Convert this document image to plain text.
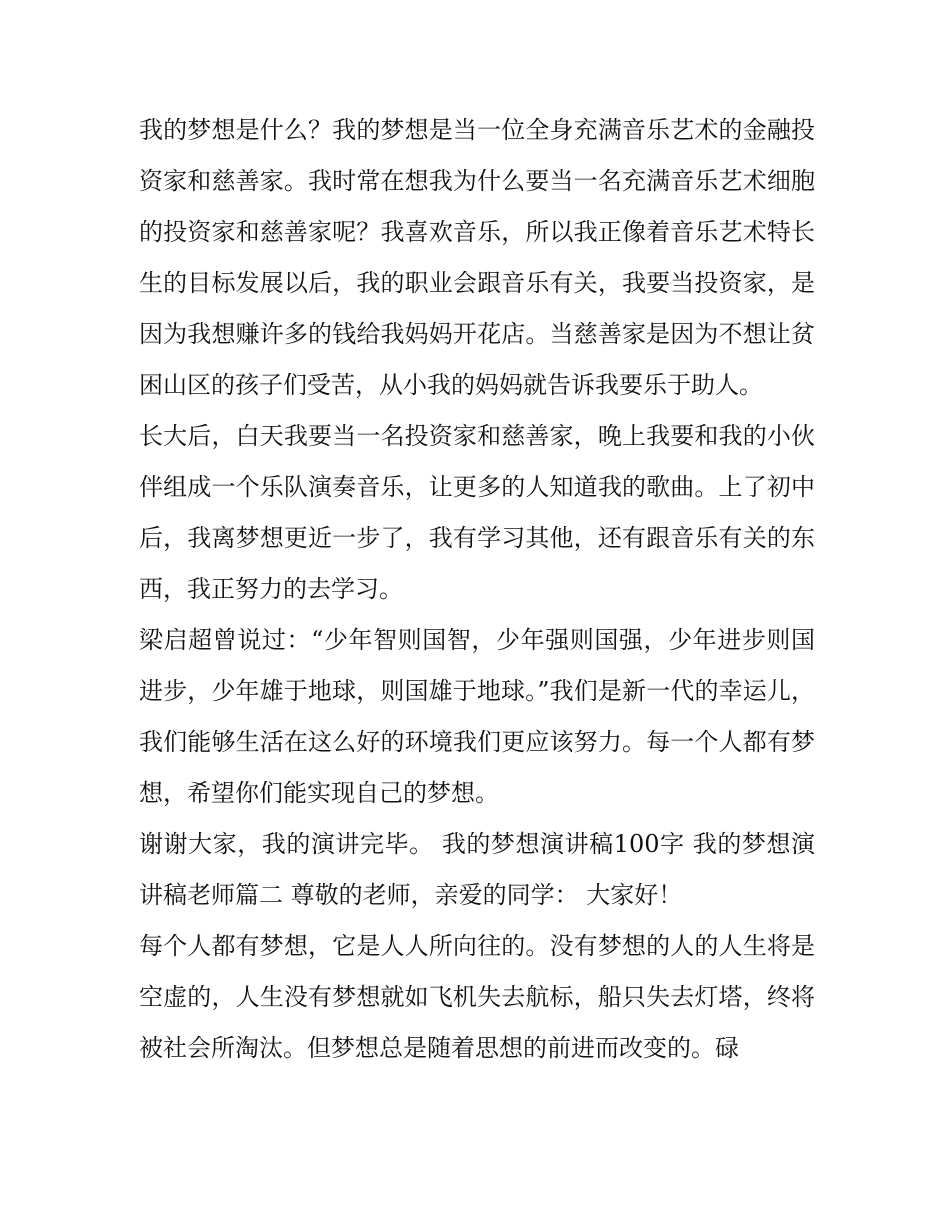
我的梦想是什么？我的梦想是当一位全身充满音乐艺术的金融投资家和慈善家。我时常在想我为什么要当一名充满音乐艺术细胞的投资家和慈善家呢？我喜欢音乐，所以我正像着音乐艺术特长生的目标发展以后，我的职业会跟音乐有关，我要当投资家，是因为我想赚许多的钱给我妈妈开花店。当慈善家是因为不想让贫困山区的孩子们受苦，从小我的妈妈就告诉我要乐于助人。

长大后，白天我要当一名投资家和慈善家，晚上我要和我的小伙伴组成一个乐队演奏音乐，让更多的人知道我的歌曲。上了初中后，我离梦想更近一步了，我有学习其他，还有跟音乐有关的东西，我正努力的去学习。

梁启超曾说过：“少年智则国智，少年强则国强，少年进步则国进步，少年雄于地球，则国雄于地球。”我们是新一代的幸运儿，我们能够生活在这么好的环境我们更应该努力。每一个人都有梦想，希望你们能实现自己的梦想。

谢谢大家，我的演讲完毕。 我的梦想演讲稿100字 我的梦想演讲稿老师篇二 尊敬的老师，亲爱的同学： 大家好！

每个人都有梦想，它是人人所向往的。没有梦想的人的人生将是空虚的，人生没有梦想就如飞机失去航标，船只失去灯塔，终将被社会所淘汰。但梦想总是随着思想的前进而改变的。碌
